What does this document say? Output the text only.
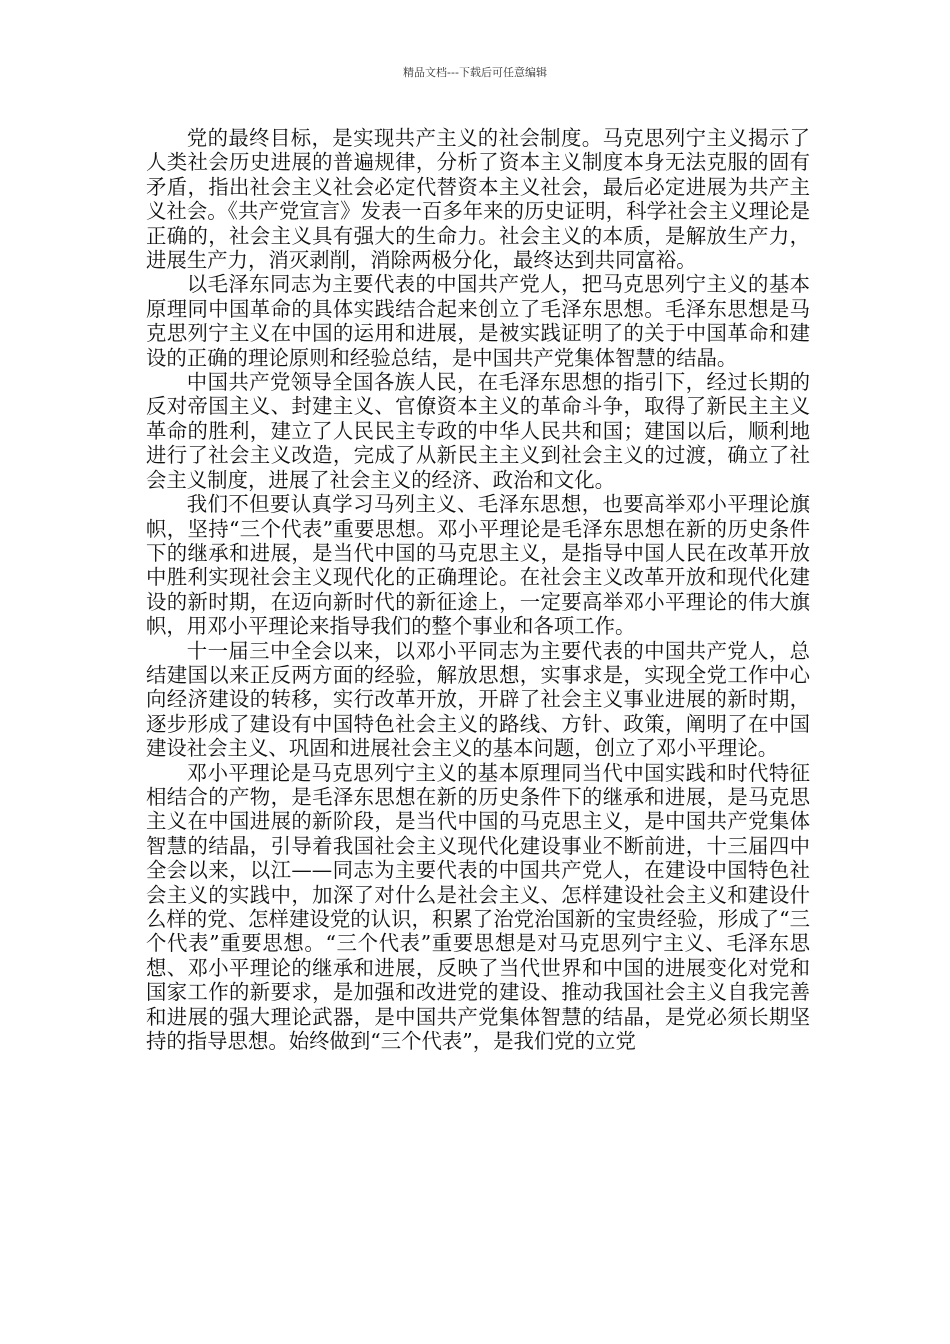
精品文档---下载后可任意编辑

党的最终目标，是实现共产主义的社会制度。马克思列宁主义揭示了人类社会历史进展的普遍规律，分析了资本主义制度本身无法克服的固有矛盾，指出社会主义社会必定代替资本主义社会，最后必定进展为共产主义社会。《共产党宣言》发表一百多年来的历史证明，科学社会主义理论是正确的，社会主义具有强大的生命力。社会主义的本质，是解放生产力，进展生产力，消灭剥削，消除两极分化，最终达到共同富裕。

以毛泽东同志为主要代表的中国共产党人，把马克思列宁主义的基本原理同中国革命的具体实践结合起来创立了毛泽东思想。毛泽东思想是马克思列宁主义在中国的运用和进展，是被实践证明了的关于中国革命和建设的正确的理论原则和经验总结，是中国共产党集体智慧的结晶。

中国共产党领导全国各族人民，在毛泽东思想的指引下，经过长期的反对帝国主义、封建主义、官僚资本主义的革命斗争，取得了新民主主义革命的胜利，建立了人民民主专政的中华人民共和国；建国以后，顺利地进行了社会主义改造，完成了从新民主主义到社会主义的过渡，确立了社会主义制度，进展了社会主义的经济、政治和文化。

我们不但要认真学习马列主义、毛泽东思想，也要高举邓小平理论旗帜，坚持“三个代表”重要思想。邓小平理论是毛泽东思想在新的历史条件下的继承和进展，是当代中国的马克思主义，是指导中国人民在改革开放中胜利实现社会主义现代化的正确理论。在社会主义改革开放和现代化建设的新时期，在迈向新时代的新征途上，一定要高举邓小平理论的伟大旗帜，用邓小平理论来指导我们的整个事业和各项工作。

十一届三中全会以来，以邓小平同志为主要代表的中国共产党人，总结建国以来正反两方面的经验，解放思想，实事求是，实现全党工作中心向经济建设的转移，实行改革开放，开辟了社会主义事业进展的新时期，逐步形成了建设有中国特色社会主义的路线、方针、政策，阐明了在中国建设社会主义、巩固和进展社会主义的基本问题，创立了邓小平理论。

邓小平理论是马克思列宁主义的基本原理同当代中国实践和时代特征相结合的产物，是毛泽东思想在新的历史条件下的继承和进展，是马克思主义在中国进展的新阶段，是当代中国的马克思主义，是中国共产党集体智慧的结晶，引导着我国社会主义现代化建设事业不断前进，十三届四中全会以来，以江——同志为主要代表的中国共产党人，在建设中国特色社会主义的实践中，加深了对什么是社会主义、怎样建设社会主义和建设什么样的党、怎样建设党的认识，积累了治党治国新的宝贵经验，形成了“三个代表”重要思想。“三个代表”重要思想是对马克思列宁主义、毛泽东思想、邓小平理论的继承和进展，反映了当代世界和中国的进展变化对党和国家工作的新要求，是加强和改进党的建设、推动我国社会主义自我完善和进展的强大理论武器，是中国共产党集体智慧的结晶，是党必须长期坚持的指导思想。始终做到“三个代表”，是我们党的立党
